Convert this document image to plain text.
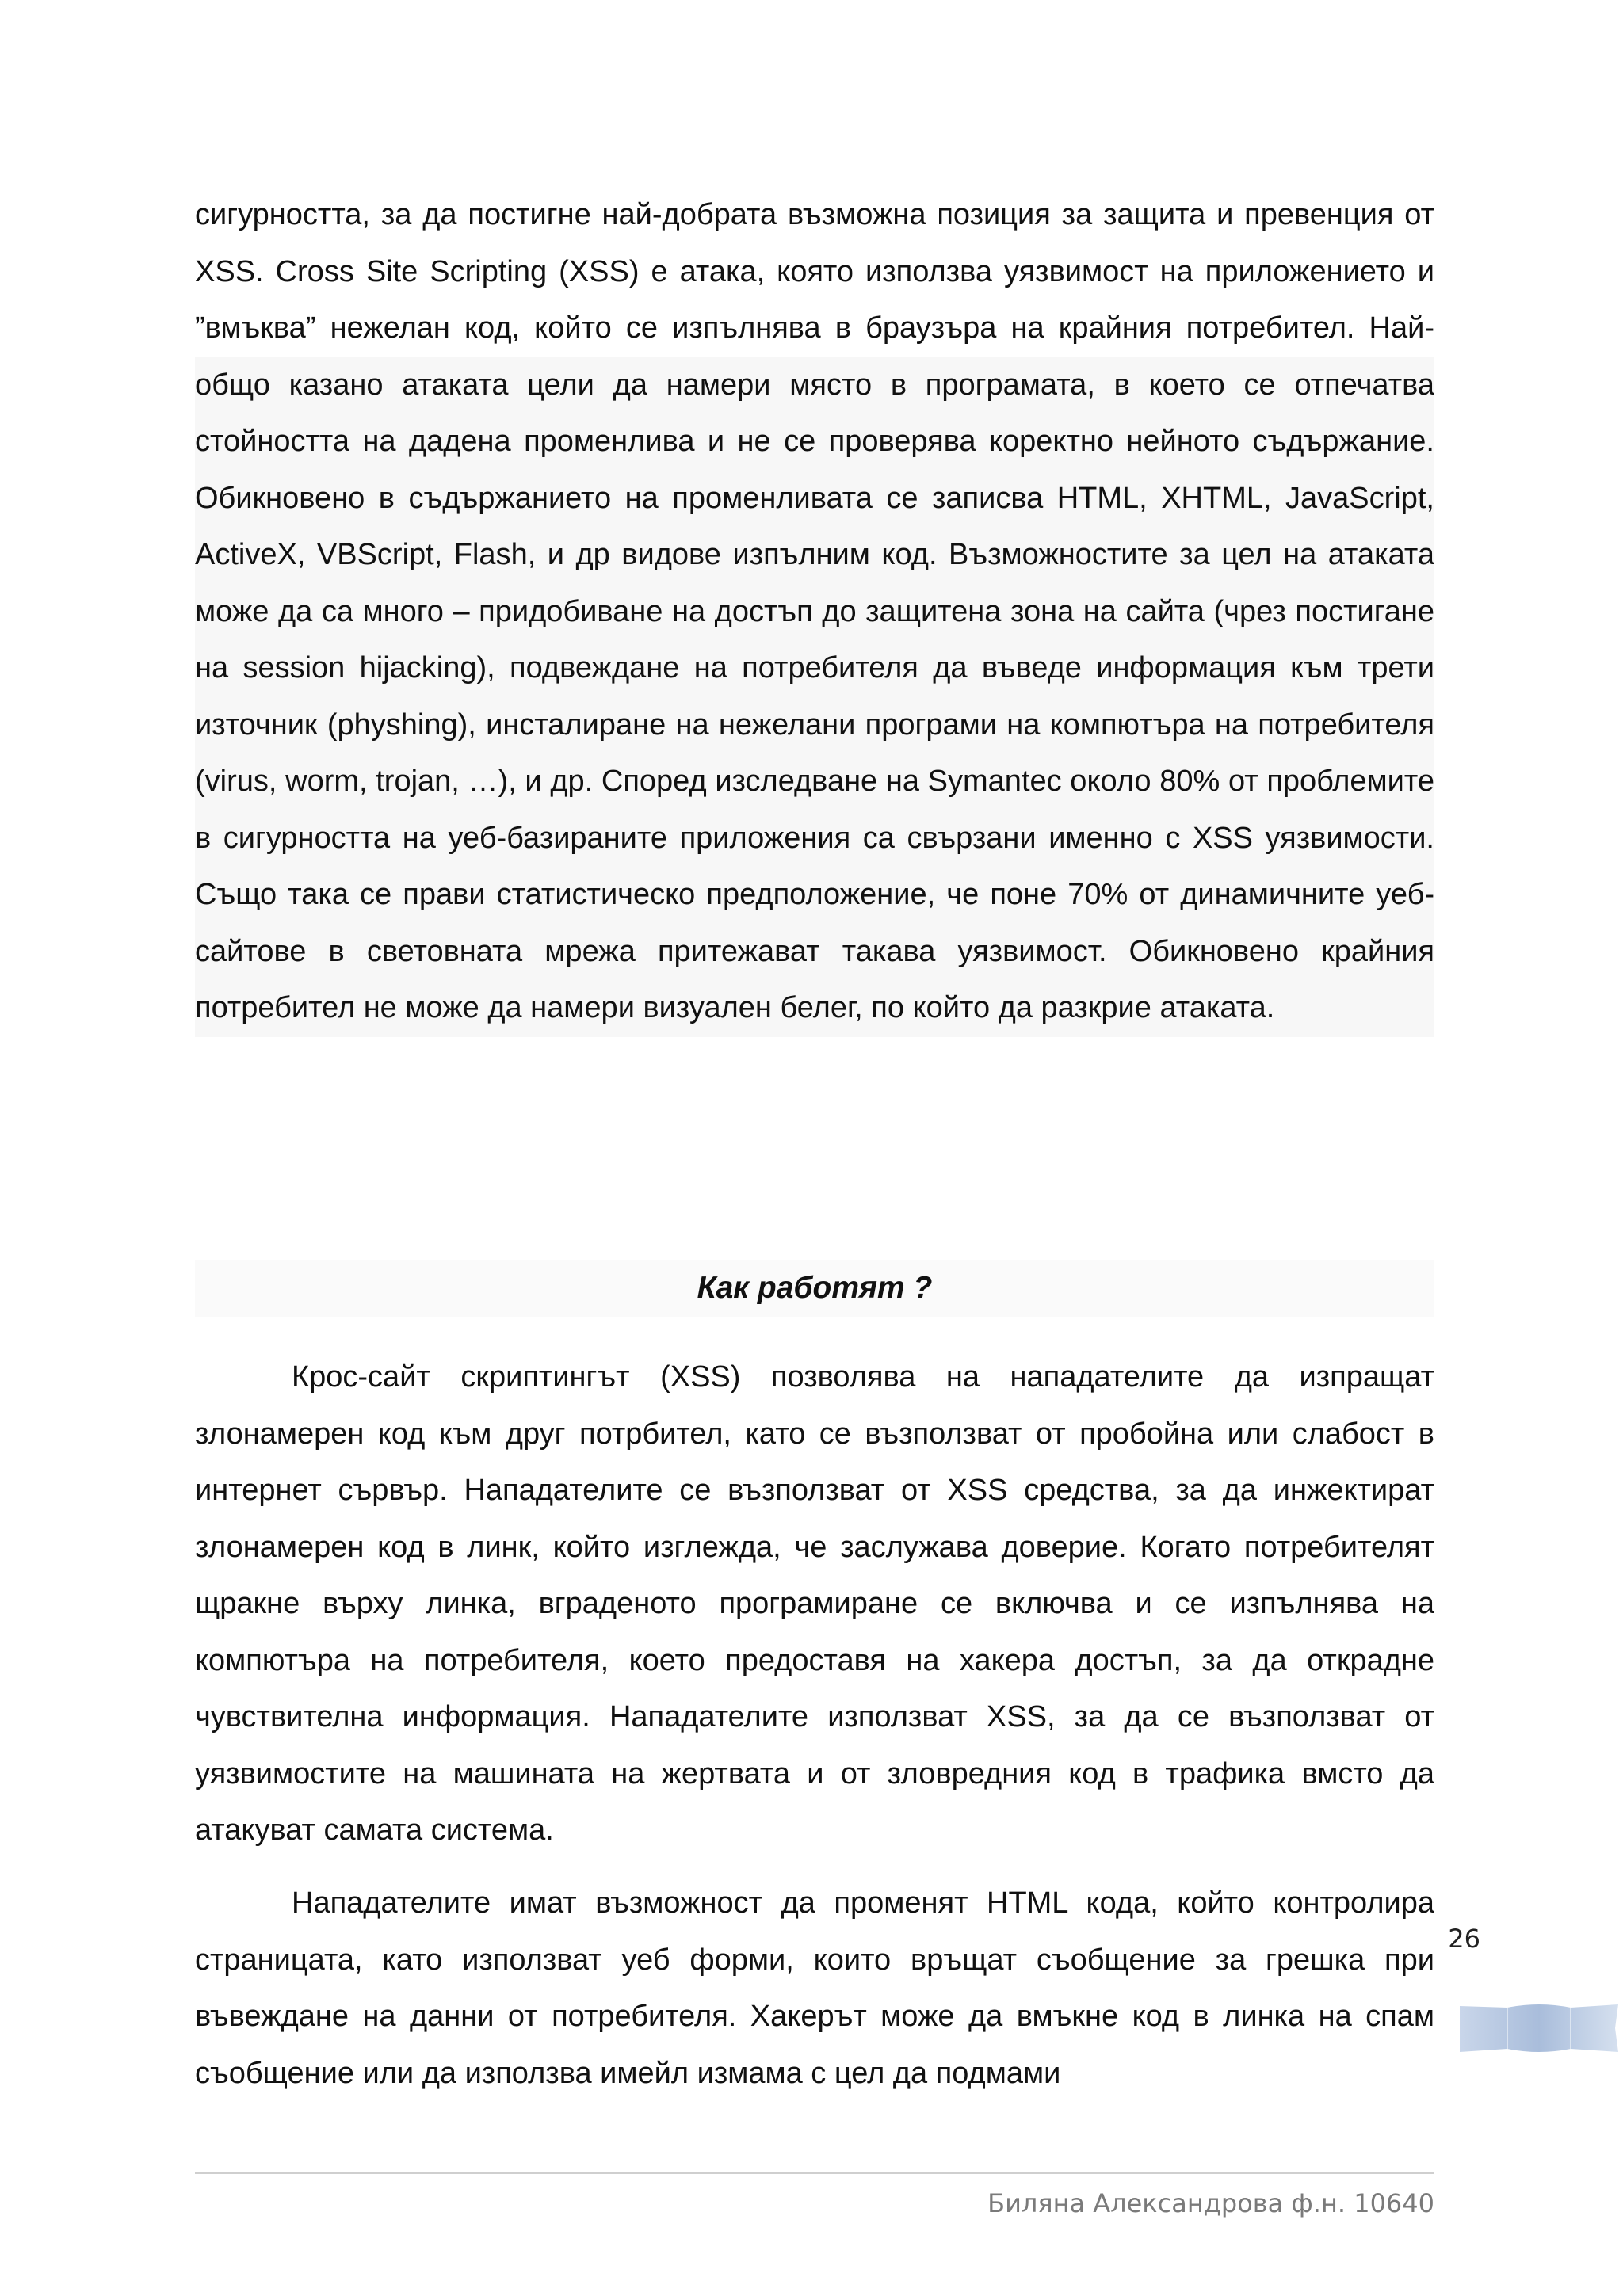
сигурността, за да постигне най-добрата възможна позиция за защита и превенция от XSS. Cross Site Scripting (XSS) е атака, която използва уязвимост на приложението и ”вмъква” нежелан код, който се изпълнява в браузъра на крайния потребител. Най-общо казано атаката цели да намери място в програмата, в което се отпечатва стойността на дадена променлива и не се проверява коректно нейното съдържание. Обикновено в съдържанието на променливата се записва HTML, XHTML, JavaScript, ActiveX, VBScript, Flash, и др видове изпълним код. Възможностите за цел на атаката може да са много – придобиване на достъп до защитена зона на сайта (чрез постигане на session hijacking), подвеждане на потребителя да въведе информация към трети източник (physhing), инсталиране на нежелани програми на компютъра на потребителя (virus, worm, trojan, …), и др. Според изследване на Symantec около 80% от проблемите в сигурността на уеб-базираните приложения са свързани именно с XSS уязвимости. Също така се прави статистическо предположение, че поне 70% от динамичните уеб-сайтове в световната мрежа притежават такава уязвимост. Обикновено крайния потребител не може да намери визуален белег, по който да разкрие атаката.

Как работят ?

Крос-сайт скриптингът (XSS) позволява на нападателите да изпращат злонамерен код към друг потрбител, като се възползват от пробойна или слабост в интернет сървър. Нападателите се възползват от XSS средства, за да инжектират злонамерен код в линк, който изглежда, че заслужава доверие. Когато потребителят щракне върху линка, вграденото програмиране се включва и се изпълнява на компютъра на потребителя, което предоставя на хакера достъп, за да открадне чувствителна информация. Нападателите използват XSS, за да се възползват от уязвимостите на машината на жертвата и от зловредния код в трафика вмсто да атакуват самата система.

Нападателите имат възможност да променят HTML кода, който контролира страницата, като използват уеб форми, които връщат съобщение за грешка при въвеждане на данни от потребителя. Хакерът може да вмъкне код в линка на спам съобщение или да използва имейл измама с цел да подмами

26
Биляна Александрова ф.н. 10640
